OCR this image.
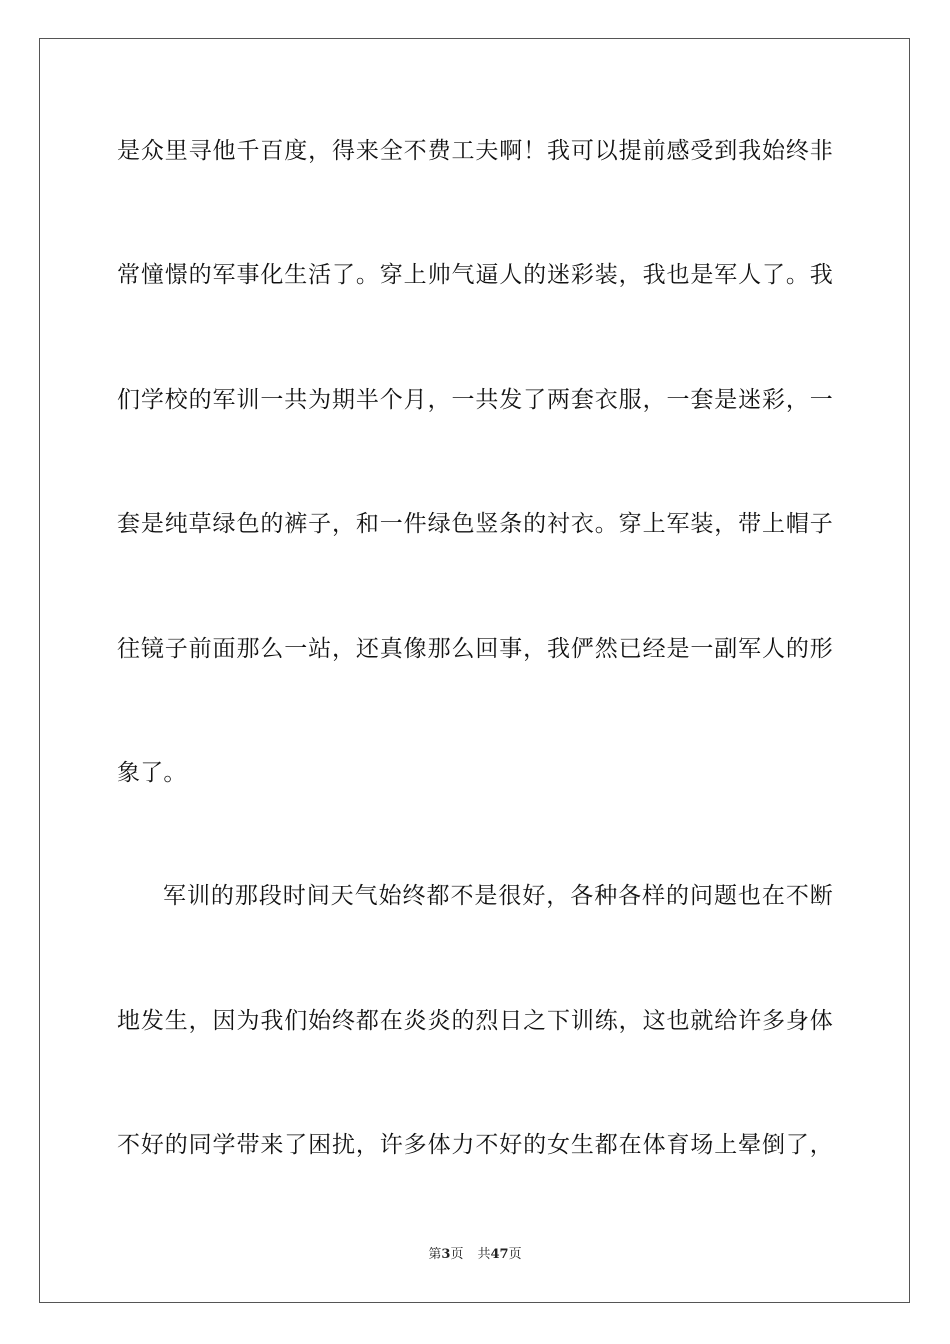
是众里寻他千百度，得来全不费工夫啊！我可以提前感受到我始终非
常憧憬的军事化生活了。穿上帅气逼人的迷彩装，我也是军人了。我
们学校的军训一共为期半个月，一共发了两套衣服，一套是迷彩，一
套是纯草绿色的裤子，和一件绿色竖条的衬衣。穿上军装，带上帽子
往镜子前面那么一站，还真像那么回事，我俨然已经是一副军人的形
象了。
军训的那段时间天气始终都不是很好，各种各样的问题也在不断
地发生，因为我们始终都在炎炎的烈日之下训练，这也就给许多身体
不好的同学带来了困扰，许多体力不好的女生都在体育场上晕倒了，
第3页 共47页
